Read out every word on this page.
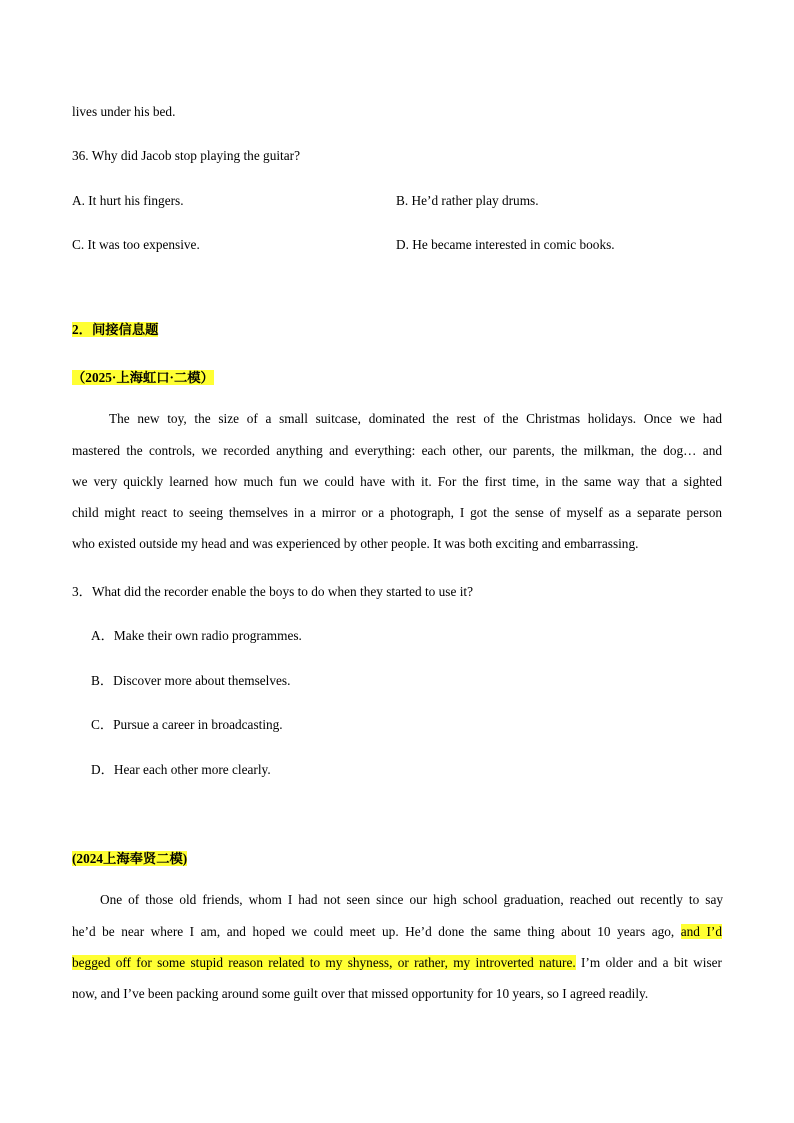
lives under his bed.
36. Why did Jacob stop playing the guitar?
A. It hurt his fingers.	B. He’d rather play drums.
C. It was too expensive.	D. He became interested in comic books.
2．间接信息题
（2025·上海虹口·二模）
The new toy, the size of a small suitcase, dominated the rest of the Christmas holidays. Once we had
mastered the controls, we recorded anything and everything: each other, our parents, the milkman, the dog… and
we very quickly learned how much fun we could have with it. For the first time, in the same way that a sighted
child might react to seeing themselves in a mirror or a photograph, I got the sense of myself as a separate person
who existed outside my head and was experienced by other people. It was both exciting and embarrassing.
3．What did the recorder enable the boys to do when they started to use it?
A．Make their own radio programmes.
B．Discover more about themselves.
C．Pursue a career in broadcasting.
D．Hear each other more clearly.
(2024上海奉贤二模)
One of those old friends, whom I had not seen since our high school graduation, reached out recently to say
he’d be near where I am, and hoped we could meet up. He’d done the same thing about 10 years ago, and I’d
begged off for some stupid reason related to my shyness, or rather, my introverted nature. I’m older and a bit wiser
now, and I’ve been packing around some guilt over that missed opportunity for 10 years, so I agreed readily.
